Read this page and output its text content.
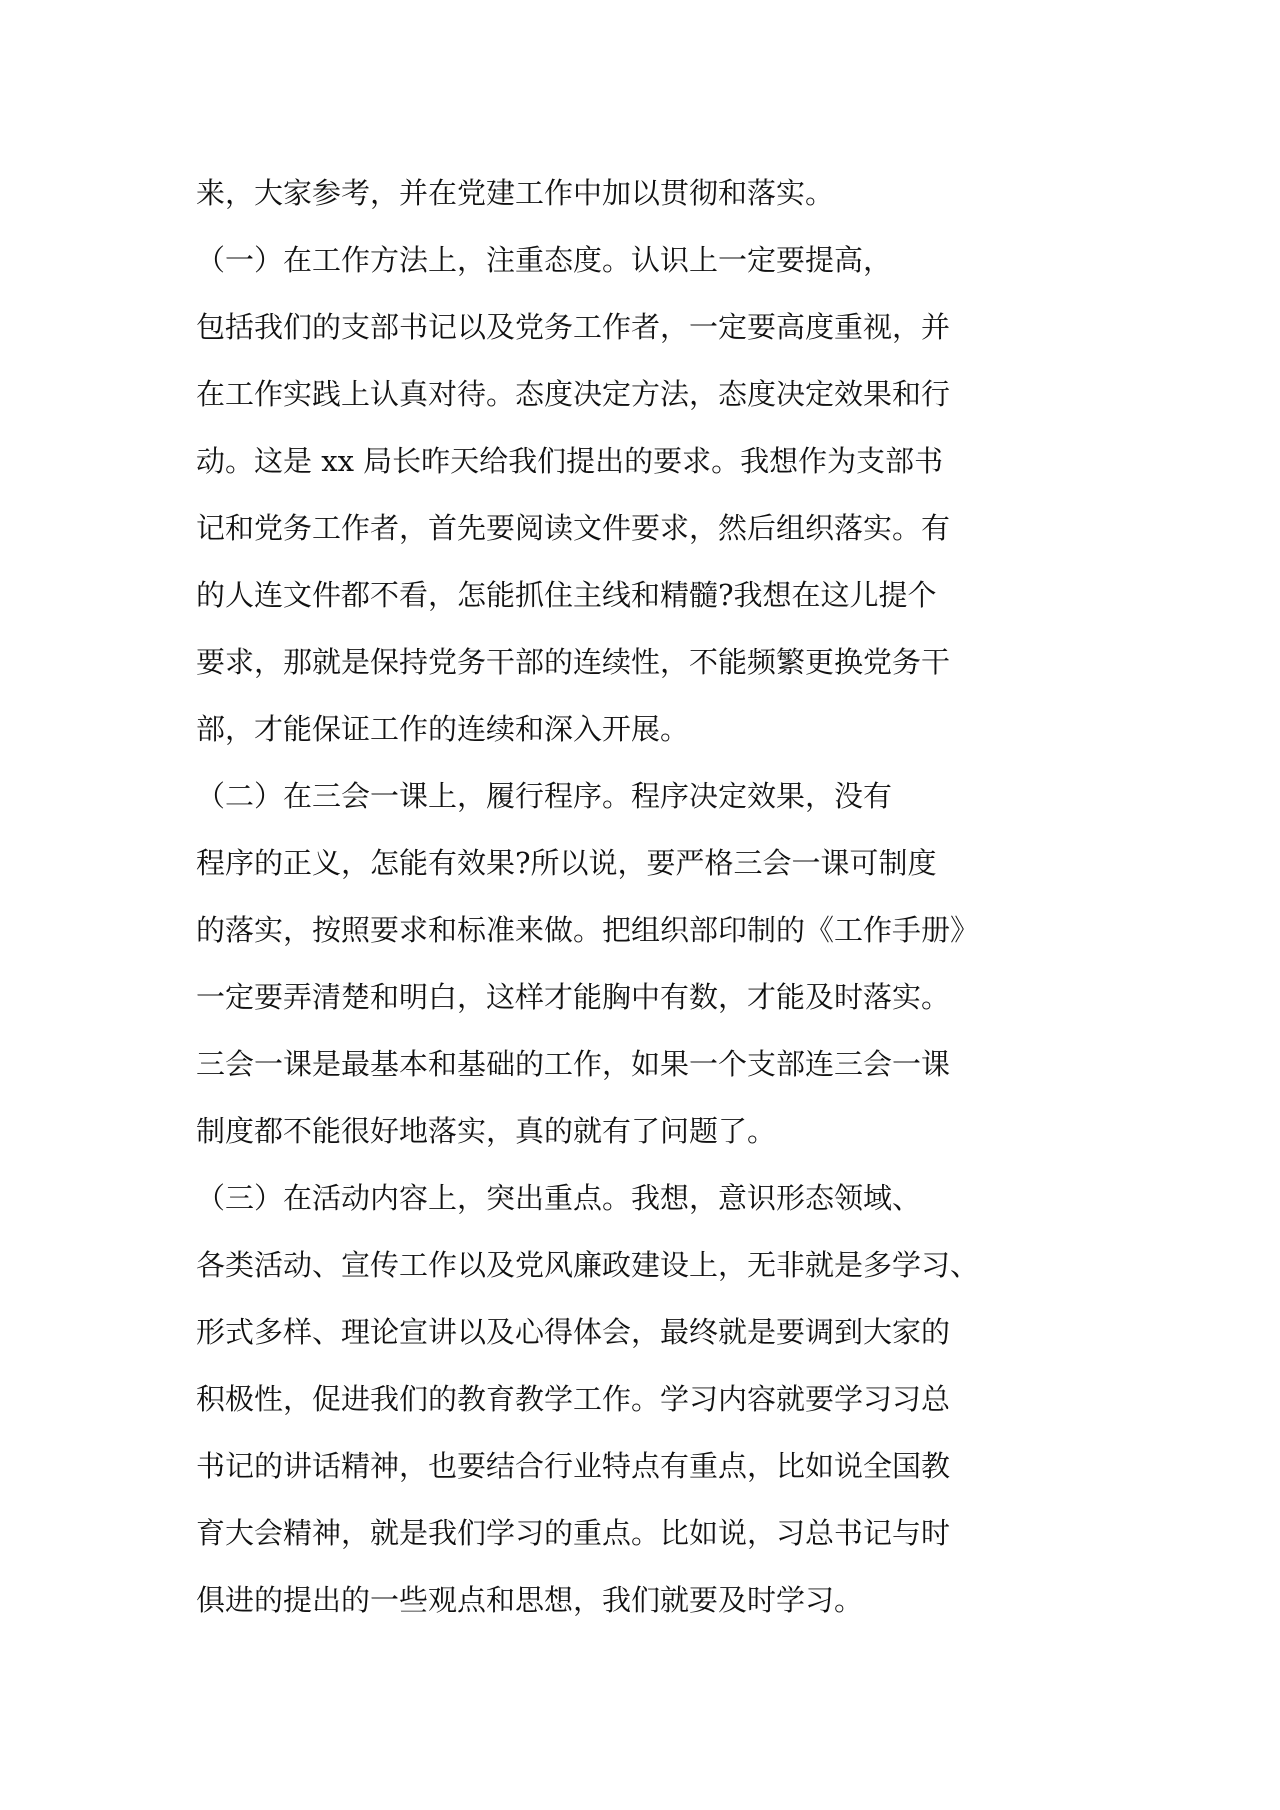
来，大家参考，并在党建工作中加以贯彻和落实。
（一）在工作方法上，注重态度。认识上一定要提高，
包括我们的支部书记以及党务工作者，一定要高度重视，并
在工作实践上认真对待。态度决定方法，态度决定效果和行
动。这是 xx 局长昨天给我们提出的要求。我想作为支部书
记和党务工作者，首先要阅读文件要求，然后组织落实。有
的人连文件都不看，怎能抓住主线和精髓?我想在这儿提个
要求，那就是保持党务干部的连续性，不能频繁更换党务干
部，才能保证工作的连续和深入开展。
（二）在三会一课上，履行程序。程序决定效果，没有
程序的正义，怎能有效果?所以说，要严格三会一课可制度
的落实，按照要求和标准来做。把组织部印制的《工作手册》
一定要弄清楚和明白，这样才能胸中有数，才能及时落实。
三会一课是最基本和基础的工作，如果一个支部连三会一课
制度都不能很好地落实，真的就有了问题了。
（三）在活动内容上，突出重点。我想，意识形态领域、
各类活动、宣传工作以及党风廉政建设上，无非就是多学习、
形式多样、理论宣讲以及心得体会，最终就是要调到大家的
积极性，促进我们的教育教学工作。学习内容就要学习习总
书记的讲话精神，也要结合行业特点有重点，比如说全国教
育大会精神，就是我们学习的重点。比如说，习总书记与时
俱进的提出的一些观点和思想，我们就要及时学习。
